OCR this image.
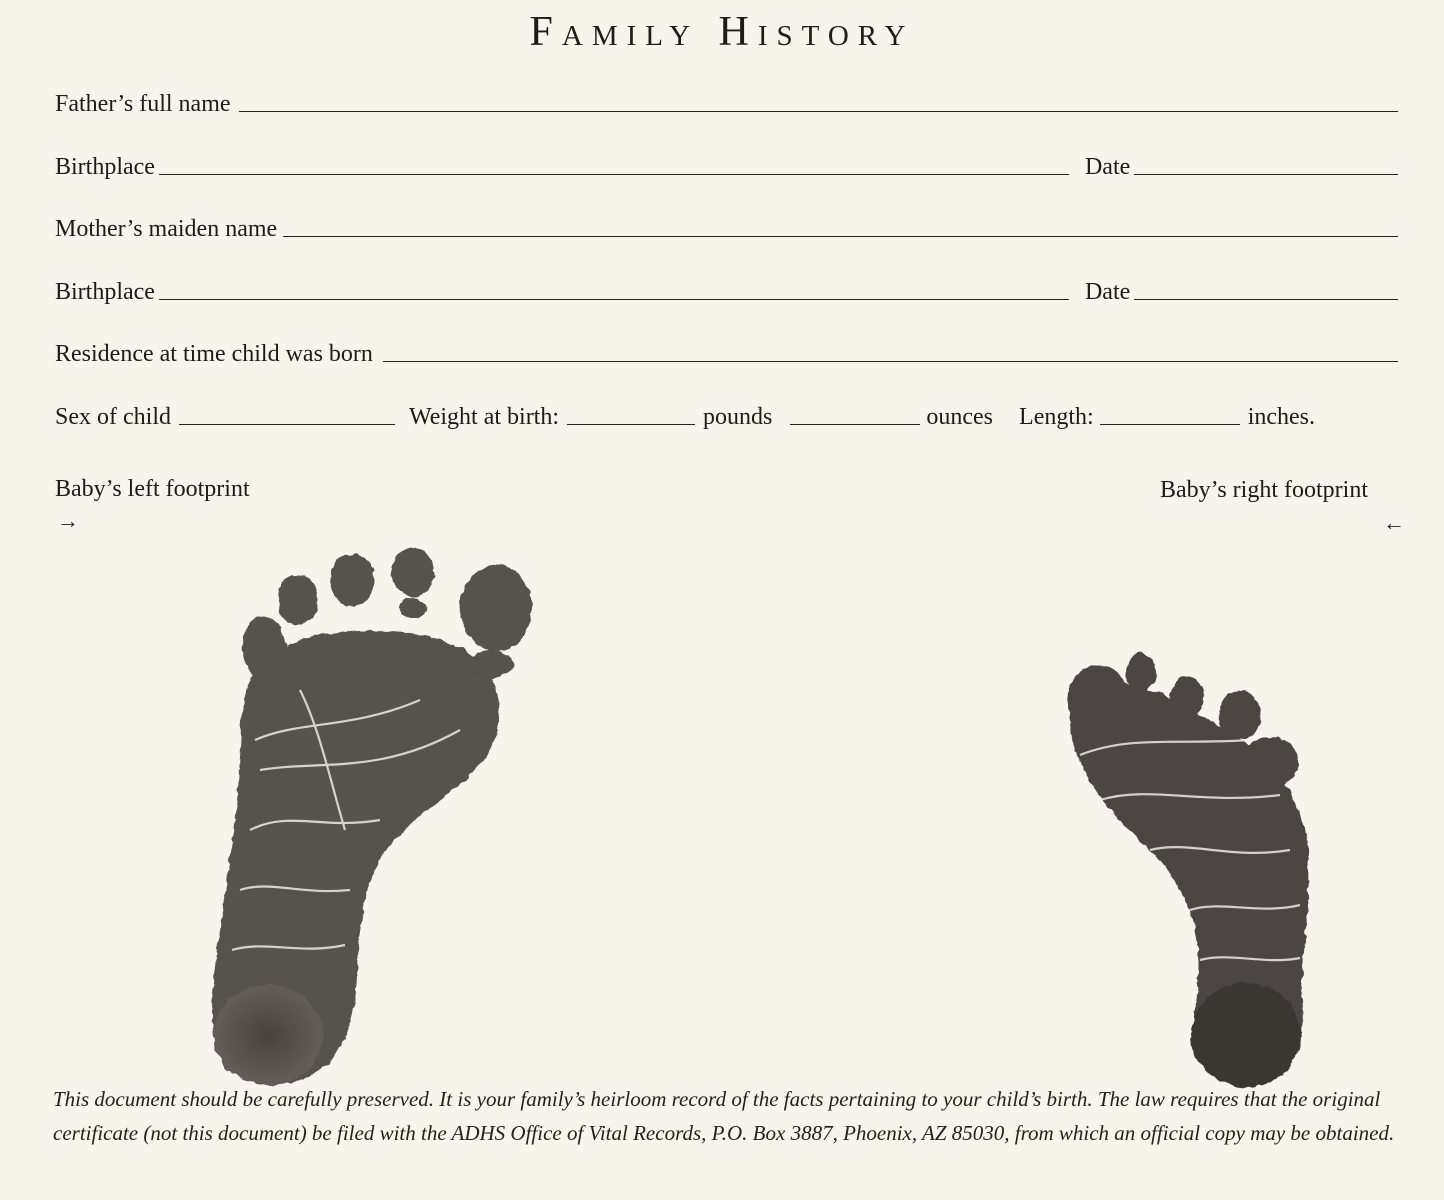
Family History
Father’s full name
Birthplace	Date
Mother’s maiden name
Birthplace	Date
Residence at time child was born
Sex of child	Weight at birth:	pounds	ounces Length:	inches.
Baby’s left footprint
→
Baby’s right footprint
←
This document should be carefully preserved. It is your family’s heirloom record of the facts pertaining to your child’s birth. The law requires that the original certificate (not this document) be filed with the ADHS Office of Vital Records, P.O. Box 3887, Phoenix, AZ 85030, from which an official copy may be obtained.
